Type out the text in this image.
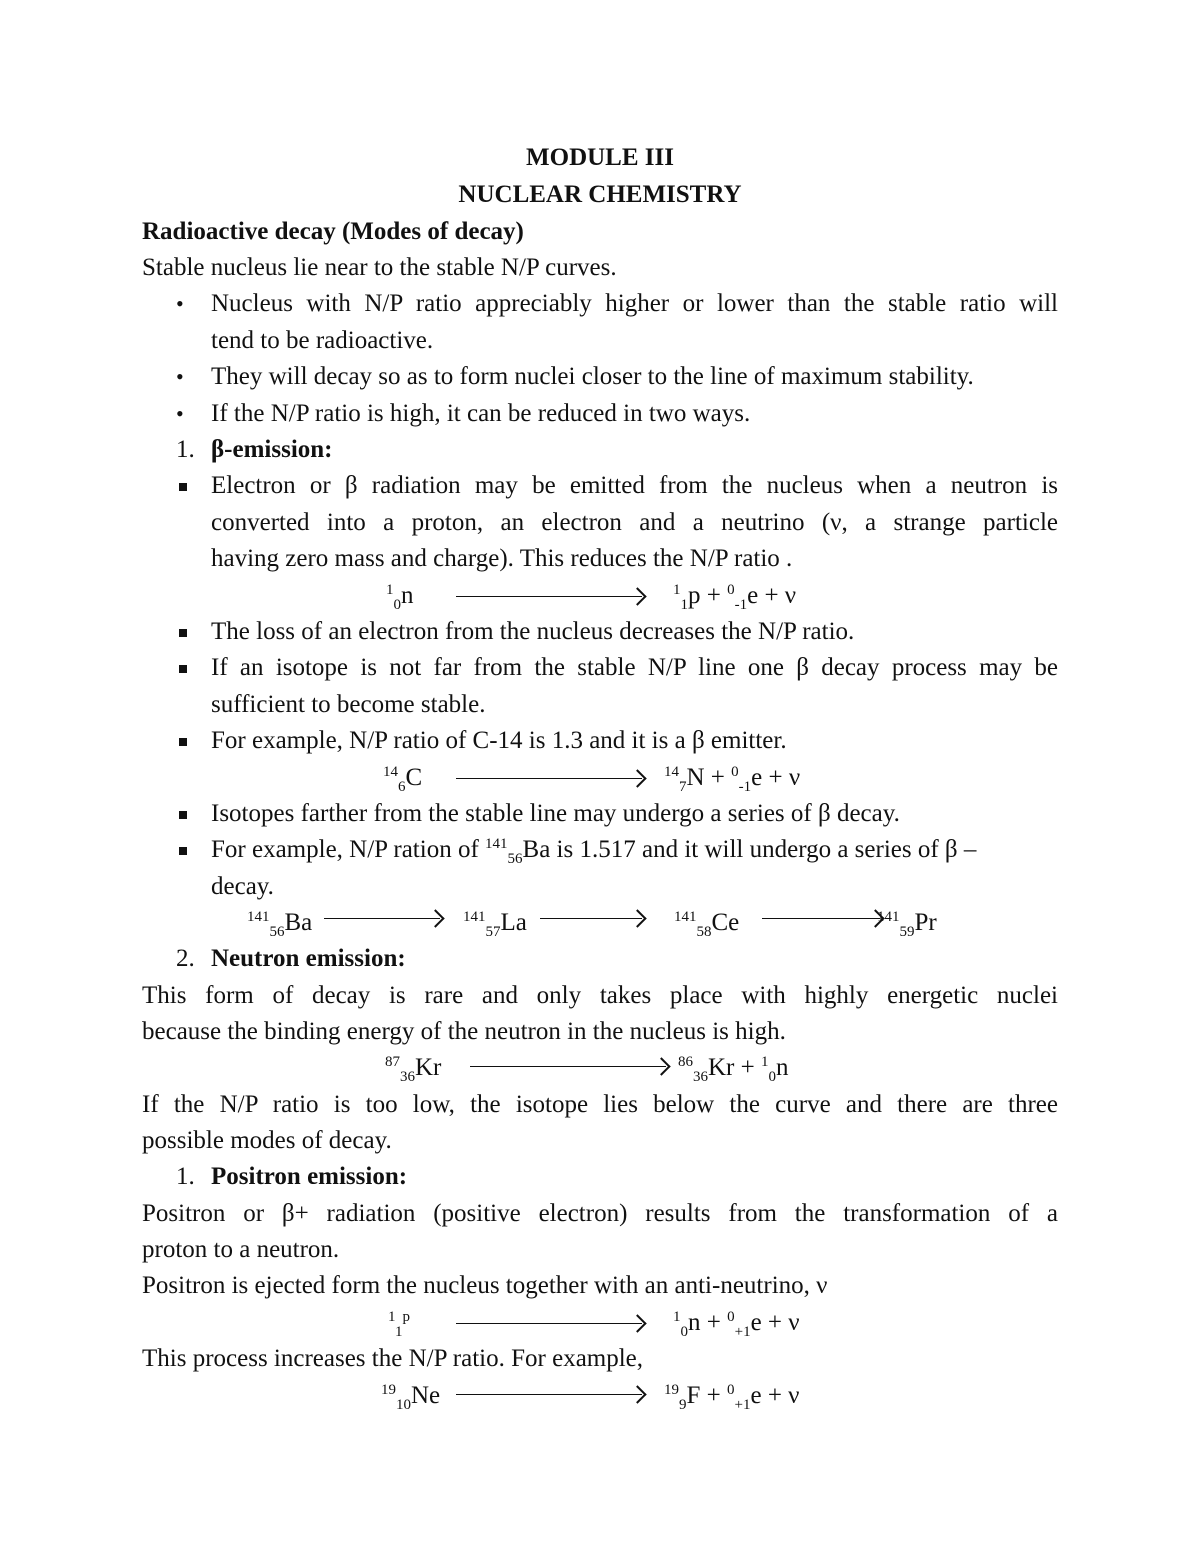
MODULE III
NUCLEAR CHEMISTRY
Radioactive decay (Modes of decay)
Stable nucleus lie near to the stable N/P curves.
• Nucleus with N/P ratio appreciably higher or lower than the stable ratio will
tend to be radioactive.
• They will decay so as to form nuclei closer to the line of maximum stability.
• If the N/P ratio is high, it can be reduced in two ways.
1. β-emission:
Electron or β radiation may be emitted from the nucleus when a neutron is
converted into a proton, an electron and a neutrino (ν, a strange particle
having zero mass and charge). This reduces the N/P ratio .
$^1_0$n	$^1_1$p + $^0_{-1}$e + ν
The loss of an electron from the nucleus decreases the N/P ratio.
If an isotope is not far from the stable N/P line one β decay process may be
sufficient to become stable.
For example, N/P ratio of C-14 is 1.3 and it is a β emitter.
$^{14}_6$C	$^{14}_7$N + $^0_{-1}$e + ν
Isotopes farther from the stable line may undergo a series of β decay.
For example, N/P ration of $^{141}_{56}$Ba is 1.517 and it will undergo a series of β –
decay.
$^{141}_{56}$Ba	$^{141}_{57}$La	$^{141}_{58}$Ce	$^{141}_{59}$Pr
2. Neutron emission:
This form of decay is rare and only takes place with highly energetic nuclei
because the binding energy of the neutron in the nucleus is high.
$^{87}_{36}$Kr	$^{86}_{36}$Kr + $^1_0$n
If the N/P ratio is too low, the isotope lies below the curve and there are three
possible modes of decay.
1. Positron emission:
Positron or β+ radiation (positive electron) results from the transformation of a
proton to a neutron.
Positron is ejected form the nucleus together with an anti-neutrino, ν
$^1_1^p$	$^1_0$n + $^0_{+1}$e + ν
This process increases the N/P ratio. For example,
$^{19}_{10}$Ne	$^{19}_9$F + $^0_{+1}$e + ν
